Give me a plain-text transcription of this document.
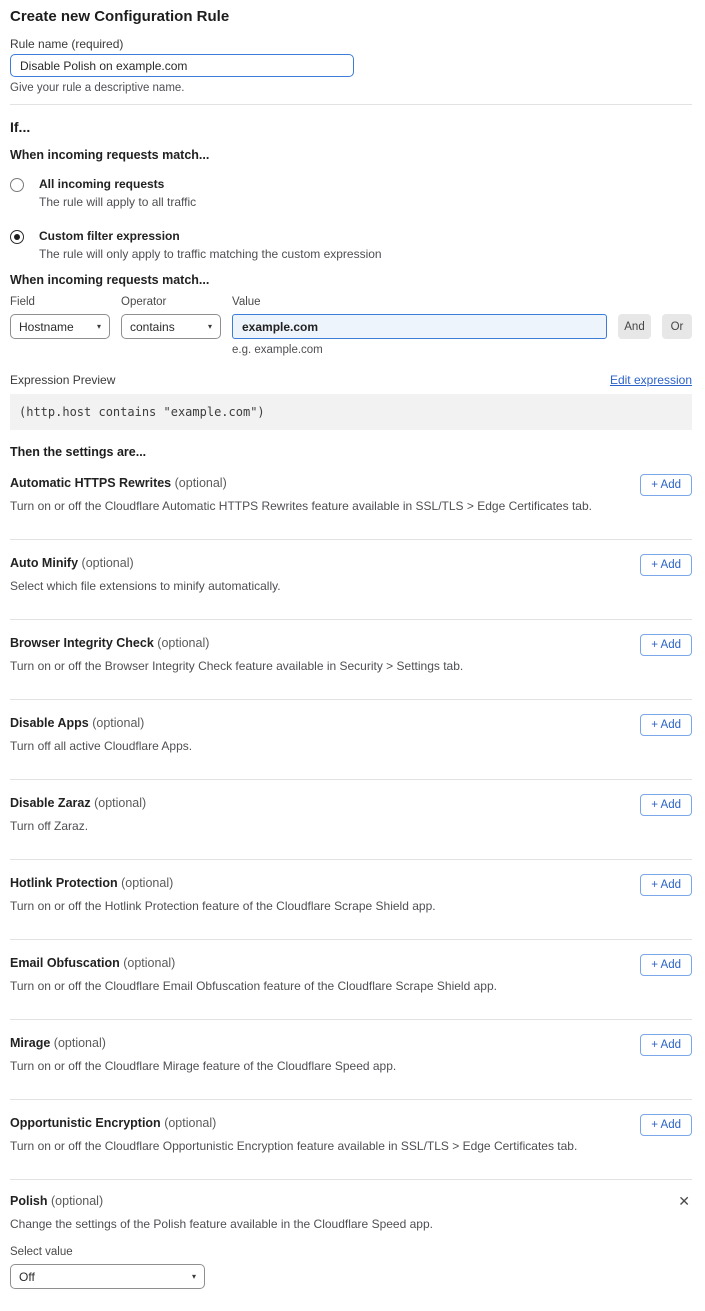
Create new Configuration Rule
Rule name (required)
Disable Polish on example.com
Give your rule a descriptive name.
If...
When incoming requests match...
All incoming requests
The rule will apply to all traffic
Custom filter expression
The rule will only apply to traffic matching the custom expression
When incoming requests match...
Field
Hostname	▾
Operator
contains	▾
Value
example.com
And	Or
e.g. example.com
Expression Preview	Edit expression
(http.host contains "example.com")
Then the settings are...
Automatic HTTPS Rewrites (optional)
Turn on or off the Cloudflare Automatic HTTPS Rewrites feature available in SSL/TLS > Edge Certificates tab.
+ Add
Auto Minify (optional)
Select which file extensions to minify automatically.
+ Add
Browser Integrity Check (optional)
Turn on or off the Browser Integrity Check feature available in Security > Settings tab.
+ Add
Disable Apps (optional)
Turn off all active Cloudflare Apps.
+ Add
Disable Zaraz (optional)
Turn off Zaraz.
+ Add
Hotlink Protection (optional)
Turn on or off the Hotlink Protection feature of the Cloudflare Scrape Shield app.
+ Add
Email Obfuscation (optional)
Turn on or off the Cloudflare Email Obfuscation feature of the Cloudflare Scrape Shield app.
+ Add
Mirage (optional)
Turn on or off the Cloudflare Mirage feature of the Cloudflare Speed app.
+ Add
Opportunistic Encryption (optional)
Turn on or off the Cloudflare Opportunistic Encryption feature available in SSL/TLS > Edge Certificates tab.
+ Add
Polish (optional)	✕
Change the settings of the Polish feature available in the Cloudflare Speed app.
Select value
Off	▾
